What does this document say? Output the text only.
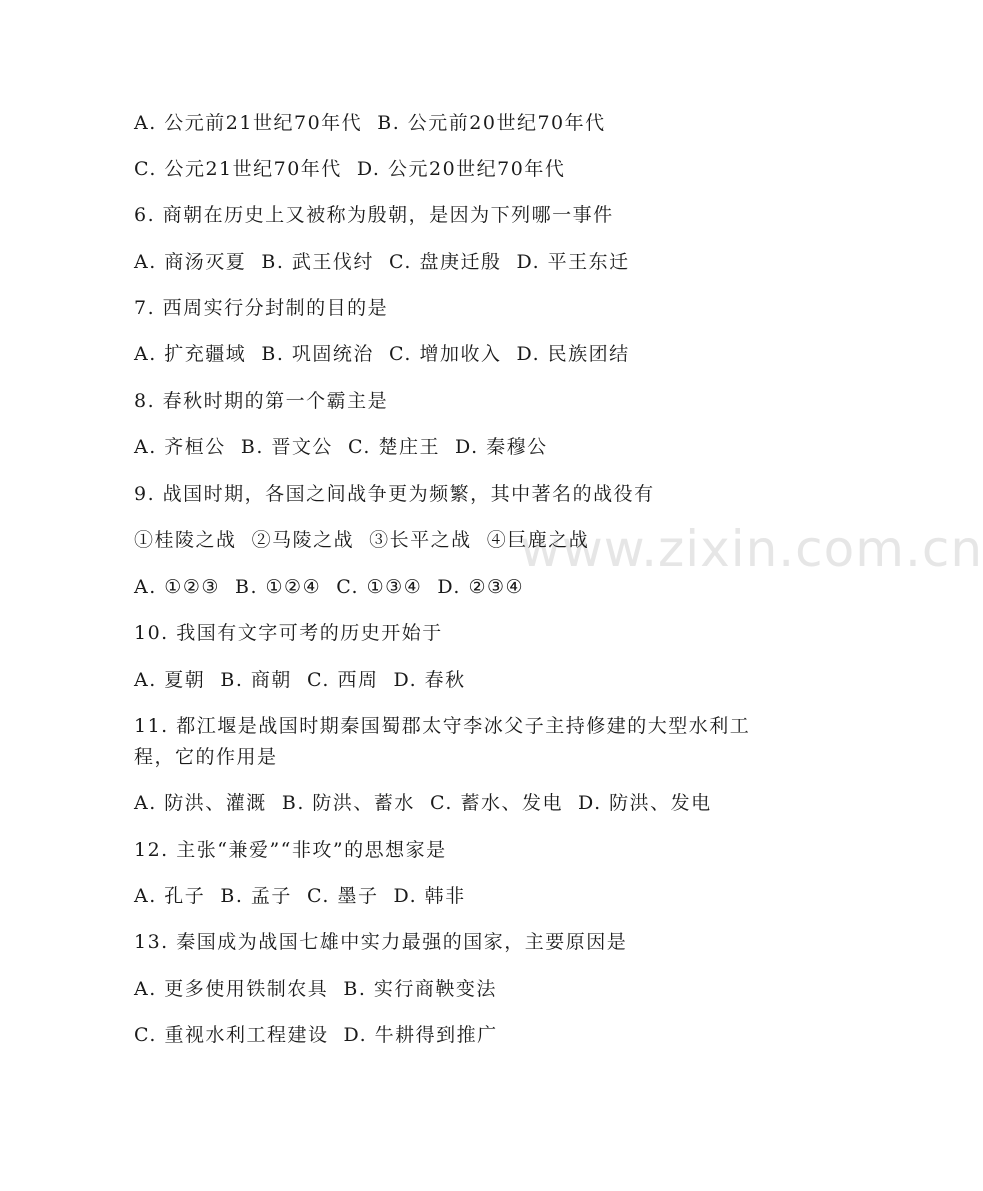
www.zixin.com.cn
A. 公元前21世纪70年代  B. 公元前20世纪70年代
C. 公元21世纪70年代  D. 公元20世纪70年代
6. 商朝在历史上又被称为殷朝，是因为下列哪一事件
A. 商汤灭夏  B. 武王伐纣  C. 盘庚迁殷  D. 平王东迁
7. 西周实行分封制的目的是
A. 扩充疆域  B. 巩固统治  C. 增加收入  D. 民族团结
8. 春秋时期的第一个霸主是
A. 齐桓公  B. 晋文公  C. 楚庄王  D. 秦穆公
9. 战国时期，各国之间战争更为频繁，其中著名的战役有
①桂陵之战  ②马陵之战  ③长平之战  ④巨鹿之战
A. ①②③  B. ①②④  C. ①③④  D. ②③④
10. 我国有文字可考的历史开始于
A. 夏朝  B. 商朝  C. 西周  D. 春秋
11. 都江堰是战国时期秦国蜀郡太守李冰父子主持修建的大型水利工
程，它的作用是
A. 防洪、灌溉  B. 防洪、蓄水  C. 蓄水、发电  D. 防洪、发电
12. 主张“兼爱”“非攻”的思想家是
A. 孔子  B. 孟子  C. 墨子  D. 韩非
13. 秦国成为战国七雄中实力最强的国家，主要原因是
A. 更多使用铁制农具  B. 实行商鞅变法
C. 重视水利工程建设  D. 牛耕得到推广
